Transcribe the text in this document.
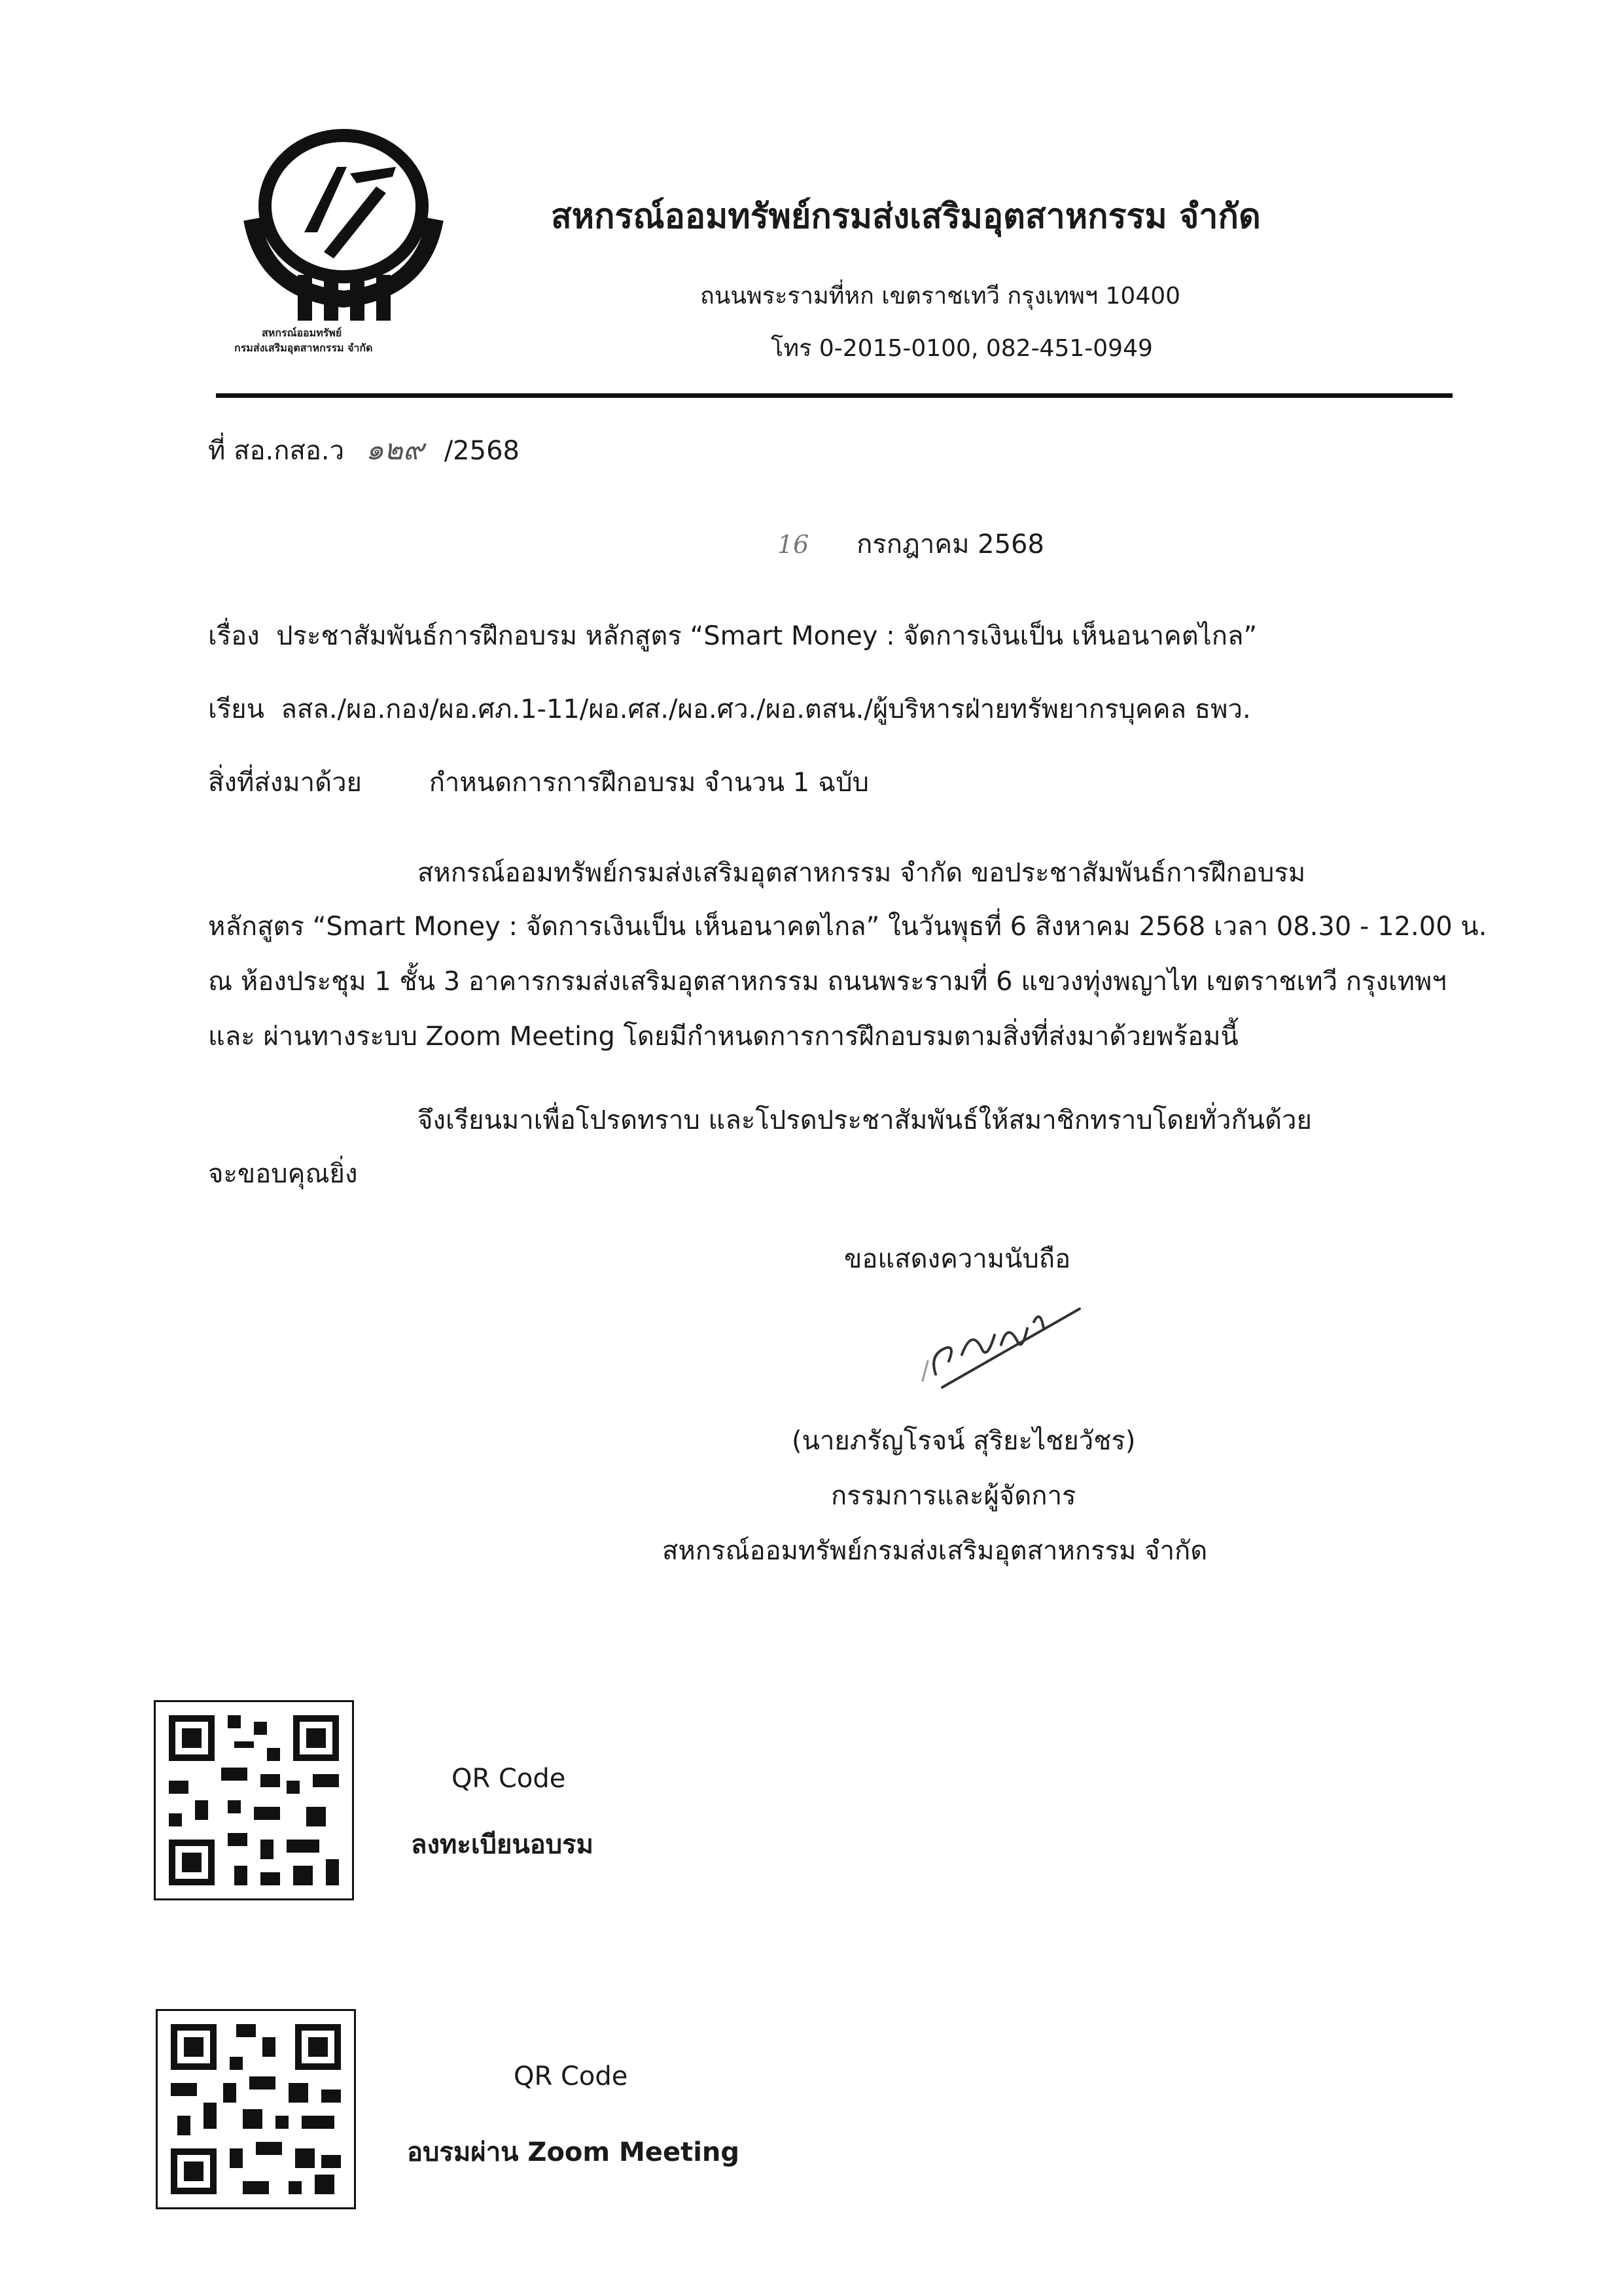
สหกรณ์ออมทรัพย์
กรมส่งเสริมอุตสาหกรรม จำกัด
สหกรณ์ออมทรัพย์กรมส่งเสริมอุตสาหกรรม จำกัด
ถนนพระรามที่หก เขตราชเทวี กรุงเทพฯ 10400
โทร 0-2015-0100, 082-451-0949
ที่ สอ.กสอ.ว ๑๒๙ /2568
16 กรกฎาคม 2568
เรื่อง ประชาสัมพันธ์การฝึกอบรม หลักสูตร “Smart Money : จัดการเงินเป็น เห็นอนาคตไกล”
เรียน ลสล./ผอ.กอง/ผอ.ศภ.1-11/ผอ.ศส./ผอ.ศว./ผอ.ตสน./ผู้บริหารฝ่ายทรัพยากรบุคคล ธพว.
สิ่งที่ส่งมาด้วย	กำหนดการการฝึกอบรม จำนวน 1 ฉบับ
สหกรณ์ออมทรัพย์กรมส่งเสริมอุตสาหกรรม จำกัด ขอประชาสัมพันธ์การฝึกอบรม
หลักสูตร “Smart Money : จัดการเงินเป็น เห็นอนาคตไกล” ในวันพุธที่ 6 สิงหาคม 2568 เวลา 08.30 - 12.00 น.
ณ ห้องประชุม 1 ชั้น 3 อาคารกรมส่งเสริมอุตสาหกรรม ถนนพระรามที่ 6 แขวงทุ่งพญาไท เขตราชเทวี กรุงเทพฯ
และ ผ่านทางระบบ Zoom Meeting โดยมีกำหนดการการฝึกอบรมตามสิ่งที่ส่งมาด้วยพร้อมนี้
จึงเรียนมาเพื่อโปรดทราบ และโปรดประชาสัมพันธ์ให้สมาชิกทราบโดยทั่วกันด้วย
จะขอบคุณยิ่ง
ขอแสดงความนับถือ
(นายภรัญโรจน์ สุริยะไชยวัชร)
กรรมการและผู้จัดการ
สหกรณ์ออมทรัพย์กรมส่งเสริมอุตสาหกรรม จำกัด
QR Code
ลงทะเบียนอบรม
QR Code
อบรมผ่าน Zoom Meeting
